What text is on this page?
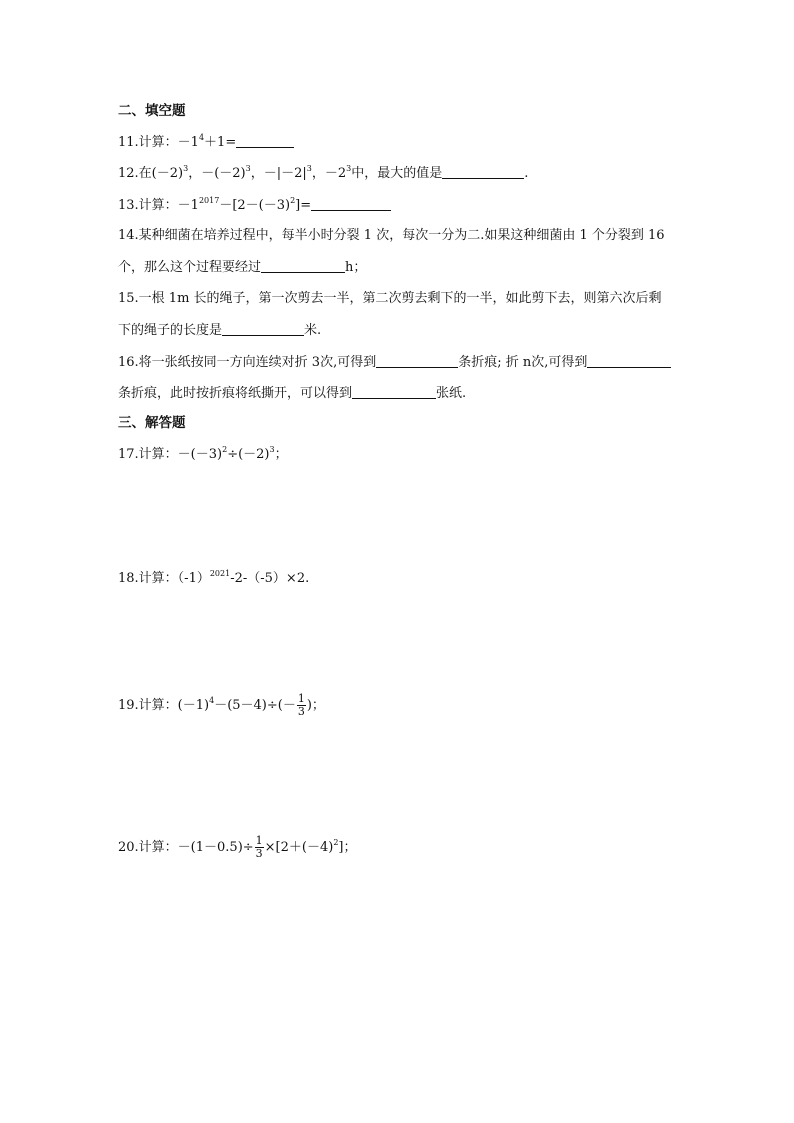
二、填空题
11.计算：$-1^4+1=$
12.在$(-2)^3$，$-(-2)^3$，$-|-2|^3$，$-2^3$中，最大的值是	.
13.计算：$-1^{2017}-[2-(-3)^2]=$
14.某种细菌在培养过程中，每半小时分裂 1 次，每次一分为二.如果这种细菌由 1 个分裂到 16
个，那么这个过程要经过	h；
15.一根 1m 长的绳子，第一次剪去一半，第二次剪去剩下的一半，如此剪下去，则第六次后剩
下的绳子的长度是	米.
16.将一张纸按同一方向连续对折 3次,可得到	条折痕; 折 n次,可得到
条折痕，此时按折痕将纸撕开，可以得到	张纸.
三、解答题
17.计算：$-(-3)^2\div(-2)^3$；
18.计算：$(-1)^{2021}-2-(-5)\times 2$.
19.计算：$(-1)^4-(5-4)\div(- \frac{1}{3}$ )；
20.计算：$-(1-0.5)\div \frac{1}{3} \times[2+(-4)^2]$；
